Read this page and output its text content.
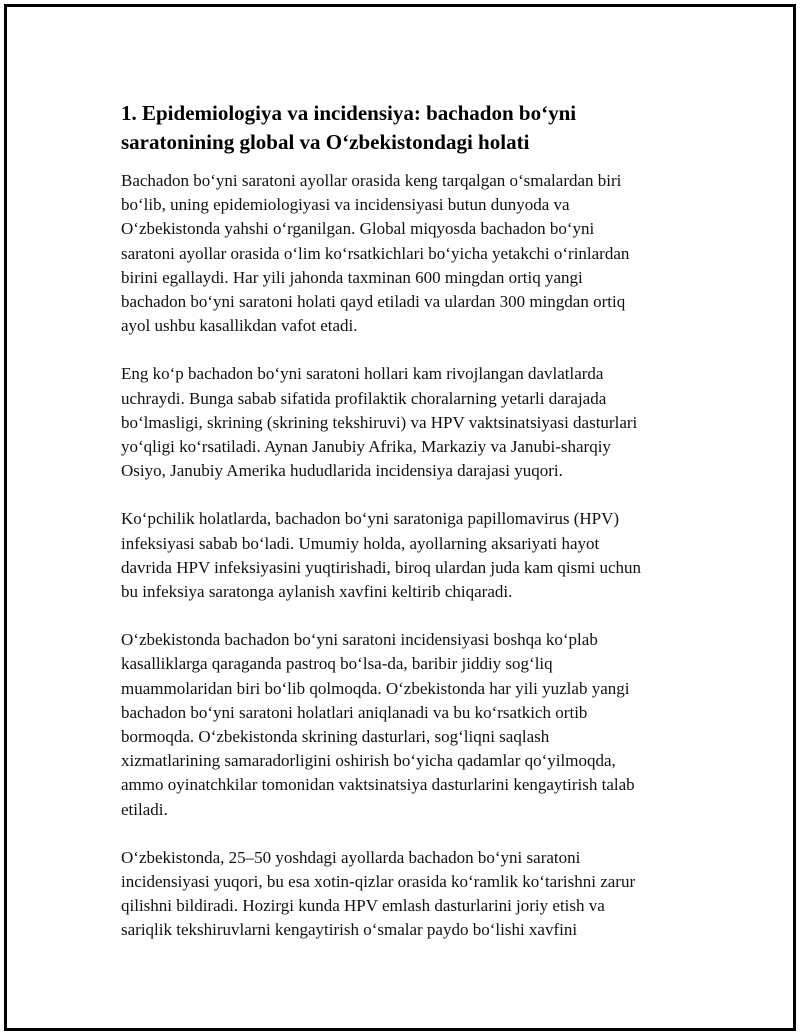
1. Epidemiologiya va incidensiya: bachadon bo‘yni
saratonining global va O‘zbekistondagi holati

Bachadon bo‘yni saratoni ayollar orasida keng tarqalgan o‘smalardan biri
bo‘lib, uning epidemiologiyasi va incidensiyasi butun dunyoda va
O‘zbekistonda yahshi o‘rganilgan. Global miqyosda bachadon bo‘yni
saratoni ayollar orasida o‘lim ko‘rsatkichlari bo‘yicha yetakchi o‘rinlardan
birini egallaydi. Har yili jahonda taxminan 600 mingdan ortiq yangi
bachadon bo‘yni saratoni holati qayd etiladi va ulardan 300 mingdan ortiq
ayol ushbu kasallikdan vafot etadi.

Eng ko‘p bachadon bo‘yni saratoni hollari kam rivojlangan davlatlarda
uchraydi. Bunga sabab sifatida profilaktik choralarning yetarli darajada
bo‘lmasligi, skrining (skrining tekshiruvi) va HPV vaktsinatsiyasi dasturlari
yo‘qligi ko‘rsatiladi. Aynan Janubiy Afrika, Markaziy va Janubi-sharqiy
Osiyo, Janubiy Amerika hududlarida incidensiya darajasi yuqori.

Ko‘pchilik holatlarda, bachadon bo‘yni saratoniga papillomavirus (HPV)
infeksiyasi sabab bo‘ladi. Umumiy holda, ayollarning aksariyati hayot
davrida HPV infeksiyasini yuqtirishadi, biroq ulardan juda kam qismi uchun
bu infeksiya saratonga aylanish xavfini keltirib chiqaradi.

O‘zbekistonda bachadon bo‘yni saratoni incidensiyasi boshqa ko‘plab
kasalliklarga qaraganda pastroq bo‘lsa-da, baribir jiddiy sog‘liq
muammolaridan biri bo‘lib qolmoqda. O‘zbekistonda har yili yuzlab yangi
bachadon bo‘yni saratoni holatlari aniqlanadi va bu ko‘rsatkich ortib
bormoqda. O‘zbekistonda skrining dasturlari, sog‘liqni saqlash
xizmatlarining samaradorligini oshirish bo‘yicha qadamlar qo‘yilmoqda,
ammo oyinatchkilar tomonidan vaktsinatsiya dasturlarini kengaytirish talab
etiladi.

O‘zbekistonda, 25–50 yoshdagi ayollarda bachadon bo‘yni saratoni
incidensiyasi yuqori, bu esa xotin-qizlar orasida ko‘ramlik ko‘tarishni zarur
qilishni bildiradi. Hozirgi kunda HPV emlash dasturlarini joriy etish va
sariqlik tekshiruvlarni kengaytirish o‘smalar paydo bo‘lishi xavfini
